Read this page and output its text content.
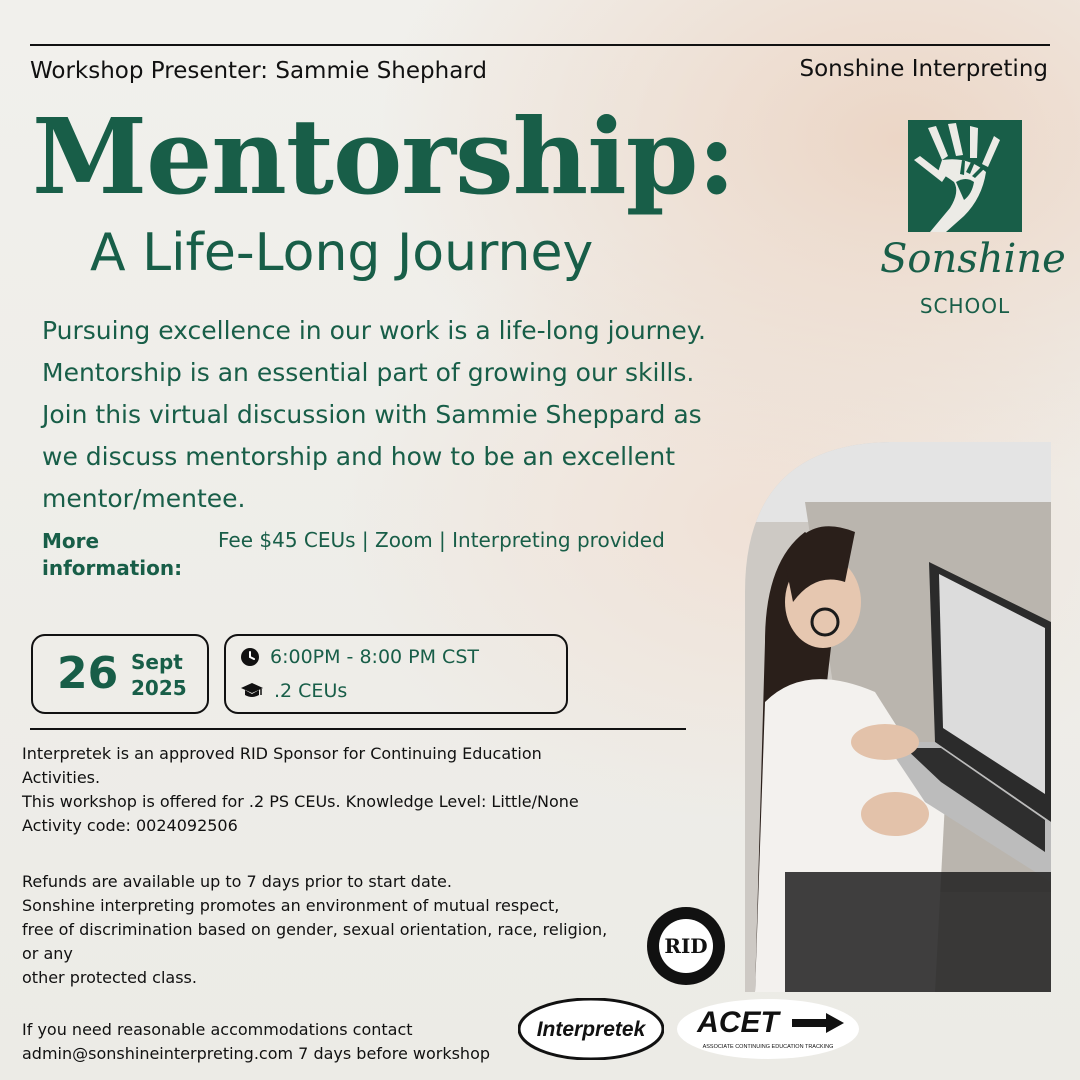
Workshop Presenter: Sammie Shephard	Sonshine Interpreting
Mentorship:
A Life-Long Journey	Sonshine
SCHOOL
Pursuing excellence in our work is a life-long journey.
Mentorship is an essential part of growing our skills.
Join this virtual discussion with Sammie Sheppard as
we discuss mentorship and how to be an excellent
mentor/mentee.
More
information:
Fee $45 CEUs | Zoom | Interpreting provided
26 Sept
2025
6:00PM - 8:00 PM CST
.2 CEUs

Interpretek is an approved RID Sponsor for Continuing Education

Activities.

This workshop is offered for .2 PS CEUs. Knowledge Level: Little/None

Activity code: 0024092506

Refunds are available up to 7 days prior to start date.

Sonshine interpreting promotes an environment of mutual respect,

free of discrimination based on gender, sexual orientation, race, religion,

or any

other protected class.

If you need reasonable accommodations contact

admin@sonshineinterpreting.com 7 days before workshop

RID
Interpretek ACET
ASSOCIATE CONTINUING EDUCATION TRACKING
